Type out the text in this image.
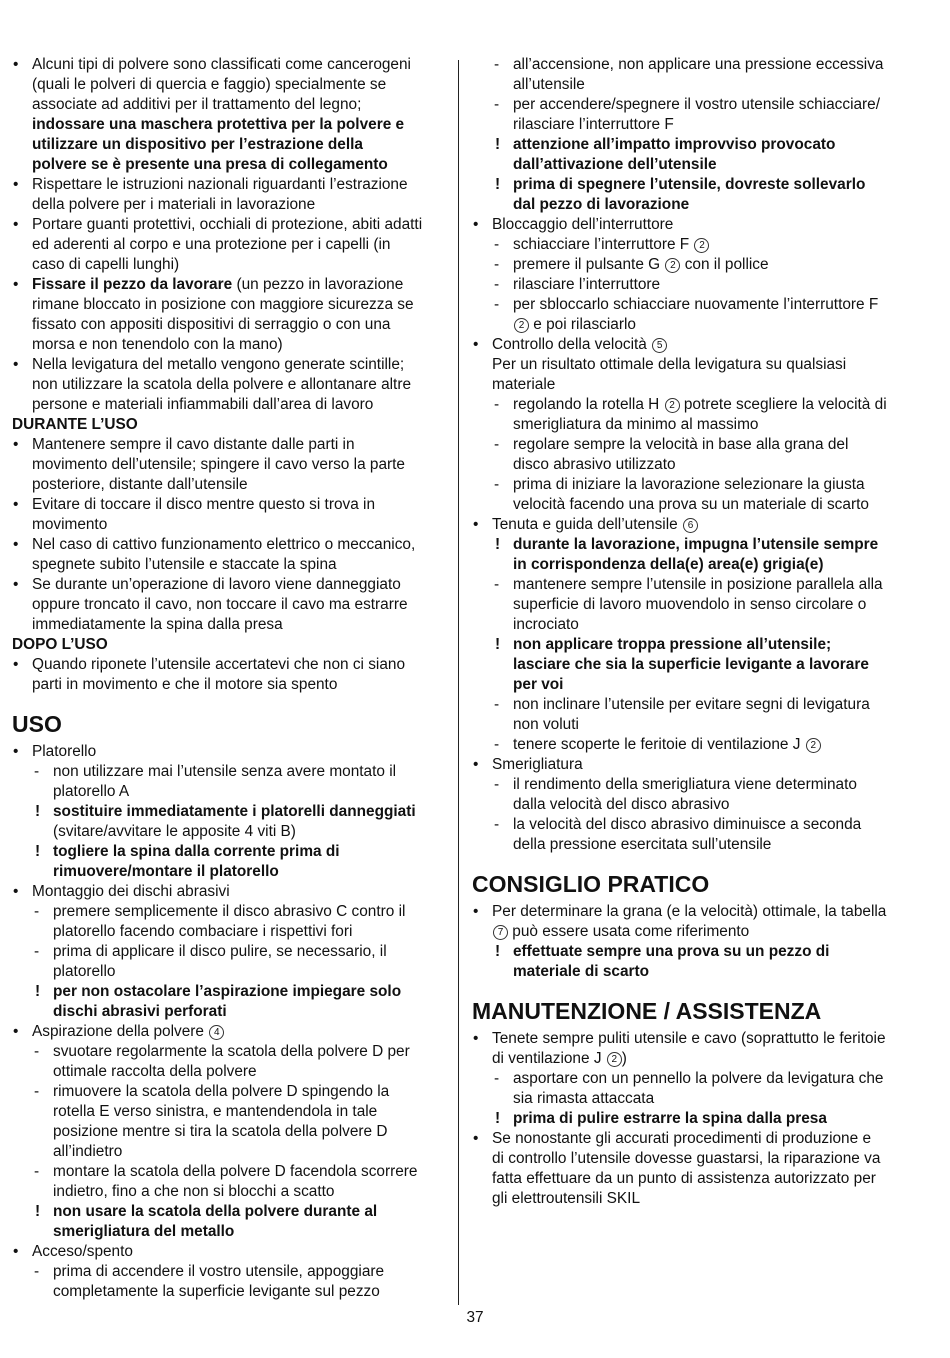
• Alcuni tipi di polvere sono classificati come cancerogeni
(quali le polveri di quercia e faggio) specialmente se
associate ad additivi per il trattamento del legno;
indossare una maschera protettiva per la polvere e
utilizzare un dispositivo per l’estrazione della
polvere se è presente una presa di collegamento
• Rispettare le istruzioni nazionali riguardanti l’estrazione
della polvere per i materiali in lavorazione
• Portare guanti protettivi, occhiali di protezione, abiti adatti
ed aderenti al corpo e una protezione per i capelli (in
caso di capelli lunghi)
• Fissare il pezzo da lavorare (un pezzo in lavorazione
rimane bloccato in posizione con maggiore sicurezza se
fissato con appositi dispositivi di serraggio o con una
morsa e non tenendolo con la mano)
• Nella levigatura del metallo vengono generate scintille;
non utilizzare la scatola della polvere e allontanare altre
persone e materiali infiammabili dall’area di lavoro
DURANTE L’USO
• Mantenere sempre il cavo distante dalle parti in
movimento dell’utensile; spingere il cavo verso la parte
posteriore, distante dall’utensile
• Evitare di toccare il disco mentre questo si trova in
movimento
• Nel caso di cattivo funzionamento elettrico o meccanico,
spegnete subito l’utensile e staccate la spina
• Se durante un’operazione di lavoro viene danneggiato
oppure troncato il cavo, non toccare il cavo ma estrarre
immediatamente la spina dalla presa
DOPO L’USO
• Quando riponete l’utensile accertatevi che non ci siano
parti in movimento e che il motore sia spento
USO
• Platorello
- non utilizzare mai l’utensile senza avere montato il
platorello A
! sostituire immediatamente i platorelli danneggiati
(svitare/avvitare le apposite 4 viti B)
! togliere la spina dalla corrente prima di
rimuovere/montare il platorello
• Montaggio dei dischi abrasivi
- premere semplicemente il disco abrasivo C contro il
platorello facendo combaciare i rispettivi fori
- prima di applicare il disco pulire, se necessario, il
platorello
! per non ostacolare l’aspirazione impiegare solo
dischi abrasivi perforati
• Aspirazione della polvere 4
- svuotare regolarmente la scatola della polvere D per
ottimale raccolta della polvere
- rimuovere la scatola della polvere D spingendo la
rotella E verso sinistra, e mantendendola in tale
posizione mentre si tira la scatola della polvere D
all’indietro
- montare la scatola della polvere D facendola scorrere
indietro, fino a che non si blocchi a scatto
! non usare la scatola della polvere durante al
smerigliatura del metallo
• Acceso/spento
- prima di accendere il vostro utensile, appoggiare
completamente la superficie levigante sul pezzo
- all’accensione, non applicare una pressione eccessiva
all’utensile
- per accendere/spegnere il vostro utensile schiacciare/
rilasciare l’interruttore F
! attenzione all’impatto improvviso provocato
dall’attivazione dell’utensile
! prima di spegnere l’utensile, dovreste sollevarlo
dal pezzo di lavorazione
• Bloccaggio dell’interruttore
- schiacciare l’interruttore F 2
- premere il pulsante G 2 con il pollice
- rilasciare l’interruttore
- per sbloccarlo schiacciare nuovamente l’interruttore F
2 e poi rilasciarlo
• Controllo della velocità 5
Per un risultato ottimale della levigatura su qualsiasi
materiale
- regolando la rotella H 2 potrete scegliere la velocità di
smerigliatura da minimo al massimo
- regolare sempre la velocità in base alla grana del
disco abrasivo utilizzato
- prima di iniziare la lavorazione selezionare la giusta
velocità facendo una prova su un materiale di scarto
• Tenuta e guida dell’utensile 6
! durante la lavorazione, impugna l’utensile sempre
in corrispondenza della(e) area(e) grigia(e)
- mantenere sempre l’utensile in posizione parallela alla
superficie di lavoro muovendolo in senso circolare o
incrociato
! non applicare troppa pressione all’utensile;
lasciare che sia la superficie levigante a lavorare
per voi
- non inclinare l’utensile per evitare segni di levigatura
non voluti
- tenere scoperte le feritoie di ventilazione J 2
• Smerigliatura
- il rendimento della smerigliatura viene determinato
dalla velocità del disco abrasivo
- la velocità del disco abrasivo diminuisce a seconda
della pressione esercitata sull’utensile
CONSIGLIO PRATICO
• Per determinare la grana (e la velocità) ottimale, la tabella
7 può essere usata come riferimento
! effettuate sempre una prova su un pezzo di
materiale di scarto
MANUTENZIONE / ASSISTENZA
• Tenete sempre puliti utensile e cavo (soprattutto le feritoie
di ventilazione J 2 )
- asportare con un pennello la polvere da levigatura che
sia rimasta attaccata
! prima di pulire estrarre la spina dalla presa
• Se nonostante gli accurati procedimenti di produzione e
di controllo l’utensile dovesse guastarsi, la riparazione va
fatta effettuare da un punto di assistenza autorizzato per
gli elettroutensili SKIL
37
